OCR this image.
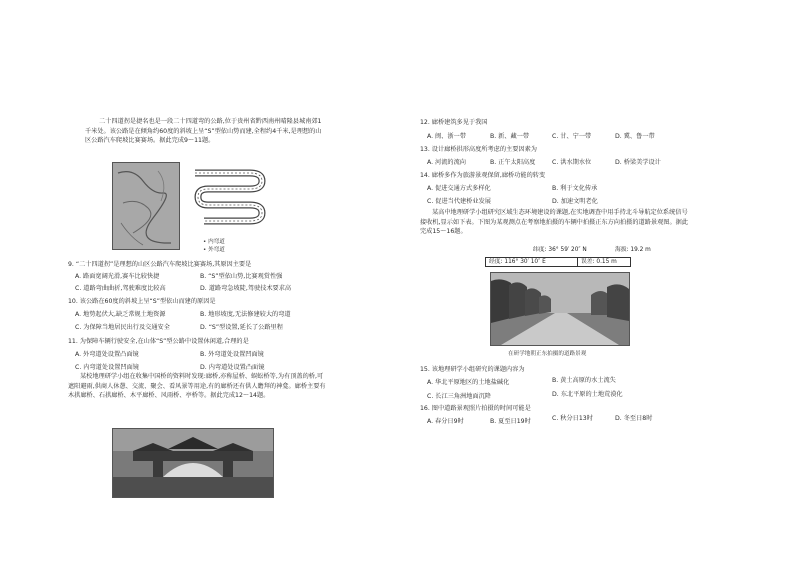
二十四道拐是捷名也是一段二十四道弯的公路,位于贵州省黔西南州晴隆县城南郊1千米处。该公路是在倾角约60度的斜坡上呈“S”型依山势而建,全程约4千米,是理想的山区公路汽车爬坡比赛赛场。据此完成9～11题。
• 内弯道
• 外弯道
9. “二十四道拐”是理想的山区公路汽车爬坡比赛赛场,其原因主要是
A. 路面宽阔光滑,赛车比较快捷	B. “S”型依山势,比赛观赏性强
C. 道路弯曲曲折,驾驶难度比较高	D. 道路弯急坡陡,驾驶技术要求高
10. 该公路在60度的斜坡上呈“S”型依山而建的原因是
A. 地势起伏大,缺乏常规土地资源	B. 地形坡度,无法修建较大的弯道
C. 为保障当地居民出行及交通安全	D. “S”型设置,延长了公路里程
11. 为保障车辆行驶安全,在山体“S”型公路中设置休闲道,合理的是
A. 外弯道处设置凸面镜	B. 外弯道处设置凹面镜
C. 内弯道处设置凹面镜	D. 内弯道处设置凸面镜
某校地理研学小组在收集中国桥的资料时发现:廊桥,亦称屋桥、蜈蚣桥等,为有顶盖的桥,可遮阳避雨,供商人休憩、交流、聚会、看风景等用途,有的廊桥还有供人瞻拜的神龛。廊桥主要有木拱廊桥、石拱廊桥、木平廊桥、风雨桥、亭桥等。据此完成12～14题。
12. 廊桥建筑多见于我国
A. 闽、浙一带	B. 新、藏一带	C. 甘、宁一带	D. 冀、鲁一带
13. 设计廊桥拱形高度所考虑的主要因素为
A. 河流的流向	B. 正午太阳高度	C. 洪水期水位	D. 桥梁美学设计
14. 廊桥多作为旅游景观保留,廊桥功能的转变
A. 促进交通方式多样化	B. 利于文化传承
C. 促进当代建桥业发展	D. 加速文明老化
某高中地理研学小组研究区域生态环境建设的课题,在实地调查中用手持北斗导航定位系统信号接收机,显示如下表。下图为某观测点在考察地拍摄的车辆中拍摄正东方向拍摄的道路景观图。据此完成15～16题。
纬度: 36° 59′ 20″ N	海拔: 19.2 m
经度: 116° 30′ 10″ E	误差: 0.15 m
在研学地朝正东拍摄的道路景观
15. 该地理研学小组研究的课题内容为
A. 华北平原地区的土地盐碱化	B. 黄土高原的水土流失
C. 长江三角洲地面沉降	D. 东北平原的土地荒漠化
16. 图中道路景观照片拍摄的时间可能是
A. 春分日9时	B. 夏至日19时	C. 秋分日13时	D. 冬至日8时
